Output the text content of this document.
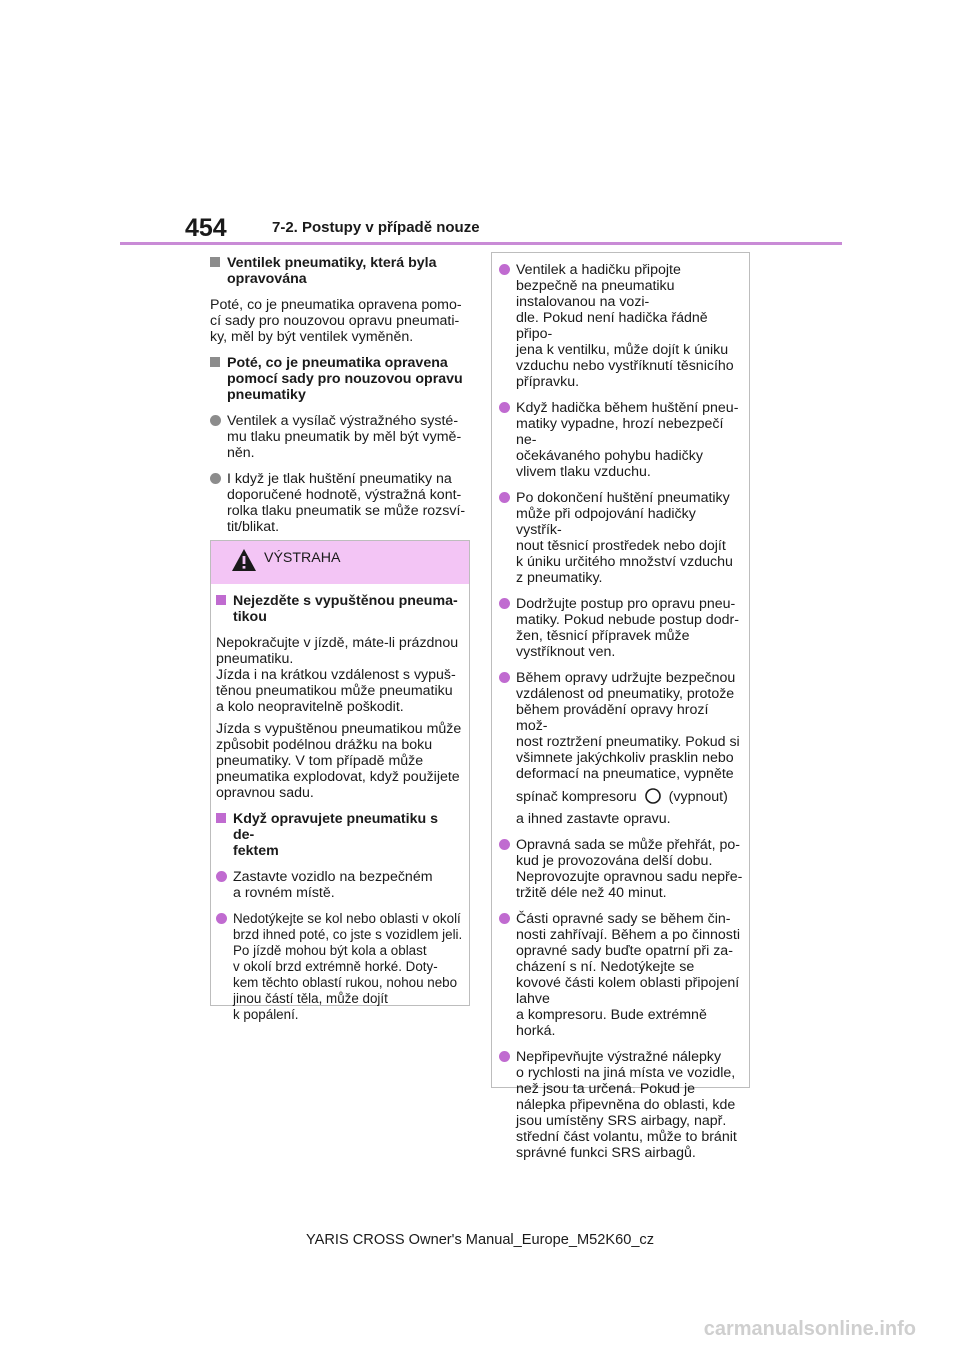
454	7-2. Postupy v případě nouze
Ventilek pneumatiky, která byla opravována
Poté, co je pneumatika opravena pomo-
cí sady pro nouzovou opravu pneumati-
ky, měl by být ventilek vyměněn.
Poté, co je pneumatika opravena pomocí sady pro nouzovou opravu pneumatiky
Ventilek a vysílač výstražného systé-
mu tlaku pneumatik by měl být vymě-
něn.
I když je tlak huštění pneumatiky na doporučené hodnotě, výstražná kont-
rolka tlaku pneumatik se může rozsví-
tit/blikat.
VÝSTRAHA
Nejezděte s vypuštěnou pneuma-
tikou
Nepokračujte v jízdě, máte-li prázdnou pneumatiku.
Jízda i na krátkou vzdálenost s vypuš-
těnou pneumatikou může pneumatiku a kolo neopravitelně poškodit.
Jízda s vypuštěnou pneumatikou může způsobit podélnou drážku na boku pneumatiky. V tom případě může pneumatika explodovat, když použijete opravnou sadu.
Když opravujete pneumatiku s de-
fektem
Zastavte vozidlo na bezpečném
a rovném místě.
Nedotýkejte se kol nebo oblasti v okolí brzd ihned poté, co jste s vozidlem jeli.
Po jízdě mohou být kola a oblast
v okolí brzd extrémně horké. Doty-
kem těchto oblastí rukou, nohou nebo jinou částí těla, může dojít
k popálení.
Ventilek a hadičku připojte bezpečně na pneumatiku instalovanou na vozi-
dle. Pokud není hadička řádně připo-
jena k ventilku, může dojít k úniku vzduchu nebo vystříknutí těsnicího přípravku.
Když hadička během huštění pneu-
matiky vypadne, hrozí nebezpečí ne-
očekávaného pohybu hadičky vlivem tlaku vzduchu.
Po dokončení huštění pneumatiky může při odpojování hadičky vystřík-
nout těsnicí prostředek nebo dojít
k úniku určitého množství vzduchu
z pneumatiky.
Dodržujte postup pro opravu pneu-
matiky. Pokud nebude postup dodr-
žen, těsnicí přípravek může vystříknout ven.
Během opravy udržujte bezpečnou vzdálenost od pneumatiky, protože během provádění opravy hrozí mož-
nost roztržení pneumatiky. Pokud si všimnete jakýchkoliv prasklin nebo deformací na pneumatice, vypněte
spínač kompresoru (vypnout)
a ihned zastavte opravu.
Opravná sada se může přehřát, po-
kud je provozována delší dobu. Neprovozujte opravnou sadu nepře-
tržitě déle než 40 minut.
Části opravné sady se během čin-
nosti zahřívají. Během a po činnosti opravné sady buďte opatrní při za-
cházení s ní. Nedotýkejte se kovové části kolem oblasti připojení lahve
a kompresoru. Bude extrémně horká.
Nepřipevňujte výstražné nálepky
o rychlosti na jiná místa ve vozidle, než jsou ta určená. Pokud je nálepka připevněna do oblasti, kde jsou umístěny SRS airbagy, např. střední část volantu, může to bránit správné funkci SRS airbagů.
YARIS CROSS Owner's Manual_Europe_M52K60_cz
carmanualsonline.info
